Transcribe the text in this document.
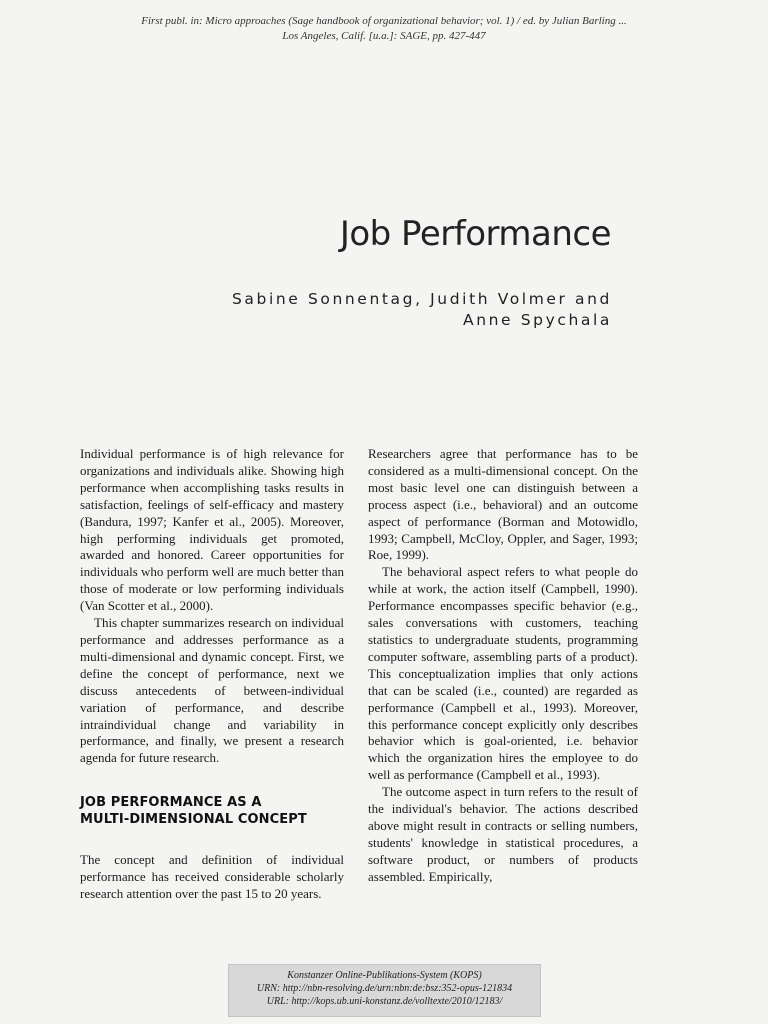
First publ. in: Micro approaches (Sage handbook of organizational behavior; vol. 1) / ed. by Julian Barling ...
Los Angeles, Calif. [u.a.]: SAGE, pp. 427-447
Job Performance
Sabine Sonnentag, Judith Volmer and
Anne Spychala

Individual performance is of high relevance for organizations and individuals alike. Showing high performance when accomplishing tasks results in satisfaction, feelings of self-efficacy and mastery (Bandura, 1997; Kanfer et al., 2005). Moreover, high performing individuals get promoted, awarded and honored. Career opportunities for individuals who perform well are much better than those of moderate or low performing individuals (Van Scotter et al., 2000).

This chapter summarizes research on individual performance and addresses performance as a multi-dimensional and dynamic concept. First, we define the concept of performance, next we discuss antecedents of between-individual variation of performance, and describe intraindividual change and variability in performance, and finally, we present a research agenda for future research.

JOB PERFORMANCE AS A
MULTI-DIMENSIONAL CONCEPT

The concept and definition of individual performance has received considerable scholarly research attention over the past 15 to 20 years.

Researchers agree that performance has to be considered as a multi-dimensional concept. On the most basic level one can distinguish between a process aspect (i.e., behavioral) and an outcome aspect of performance (Borman and Motowidlo, 1993; Campbell, McCloy, Oppler, and Sager, 1993; Roe, 1999).

The behavioral aspect refers to what people do while at work, the action itself (Campbell, 1990). Performance encompasses specific behavior (e.g., sales conversations with customers, teaching statistics to undergraduate students, programming computer software, assembling parts of a product). This conceptualization implies that only actions that can be scaled (i.e., counted) are regarded as performance (Campbell et al., 1993). Moreover, this performance concept explicitly only describes behavior which is goal-oriented, i.e. behavior which the organization hires the employee to do well as performance (Campbell et al., 1993).

The outcome aspect in turn refers to the result of the individual's behavior. The actions described above might result in contracts or selling numbers, students' knowledge in statistical procedures, a software product, or numbers of products assembled. Empirically,

Konstanzer Online-Publikations-System (KOPS)
URN: http://nbn-resolving.de/urn:nbn:de:bsz:352-opus-121834
URL: http://kops.ub.uni-konstanz.de/volltexte/2010/12183/
